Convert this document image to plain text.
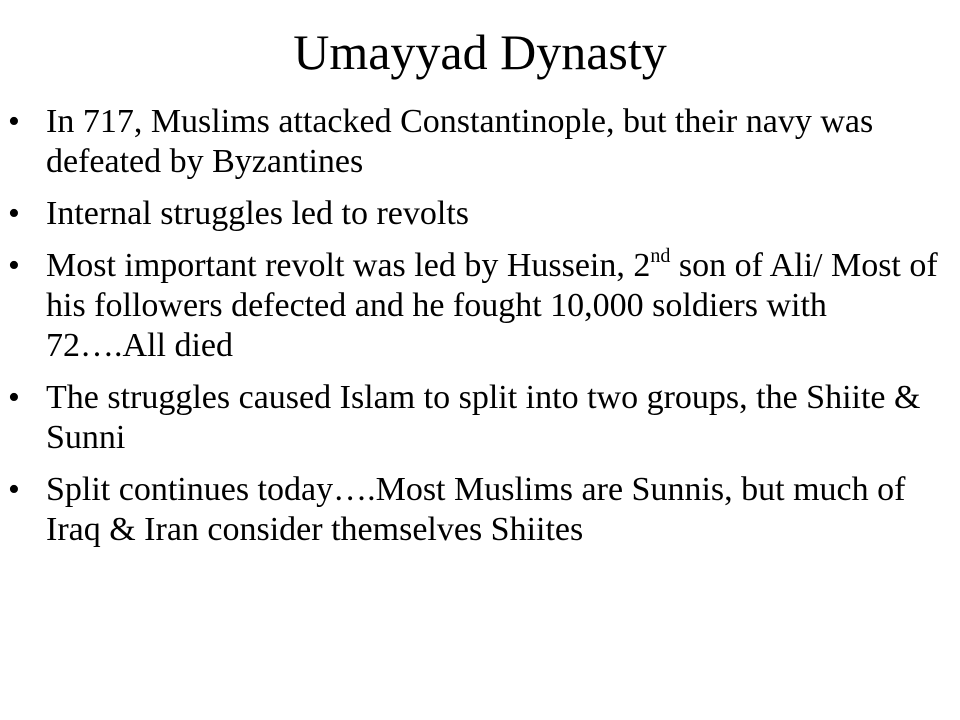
Umayyad Dynasty
• In 717, Muslims attacked Constantinople, but their navy was defeated by Byzantines
• Internal struggles led to revolts
• Most important revolt was led by Hussein, 2nd son of Ali/ Most of his followers defected and he fought 10,000 soldiers with 72….All died
• The struggles caused Islam to split into two groups, the Shiite & Sunni
• Split continues today….Most Muslims are Sunnis, but much of Iraq & Iran consider themselves Shiites
